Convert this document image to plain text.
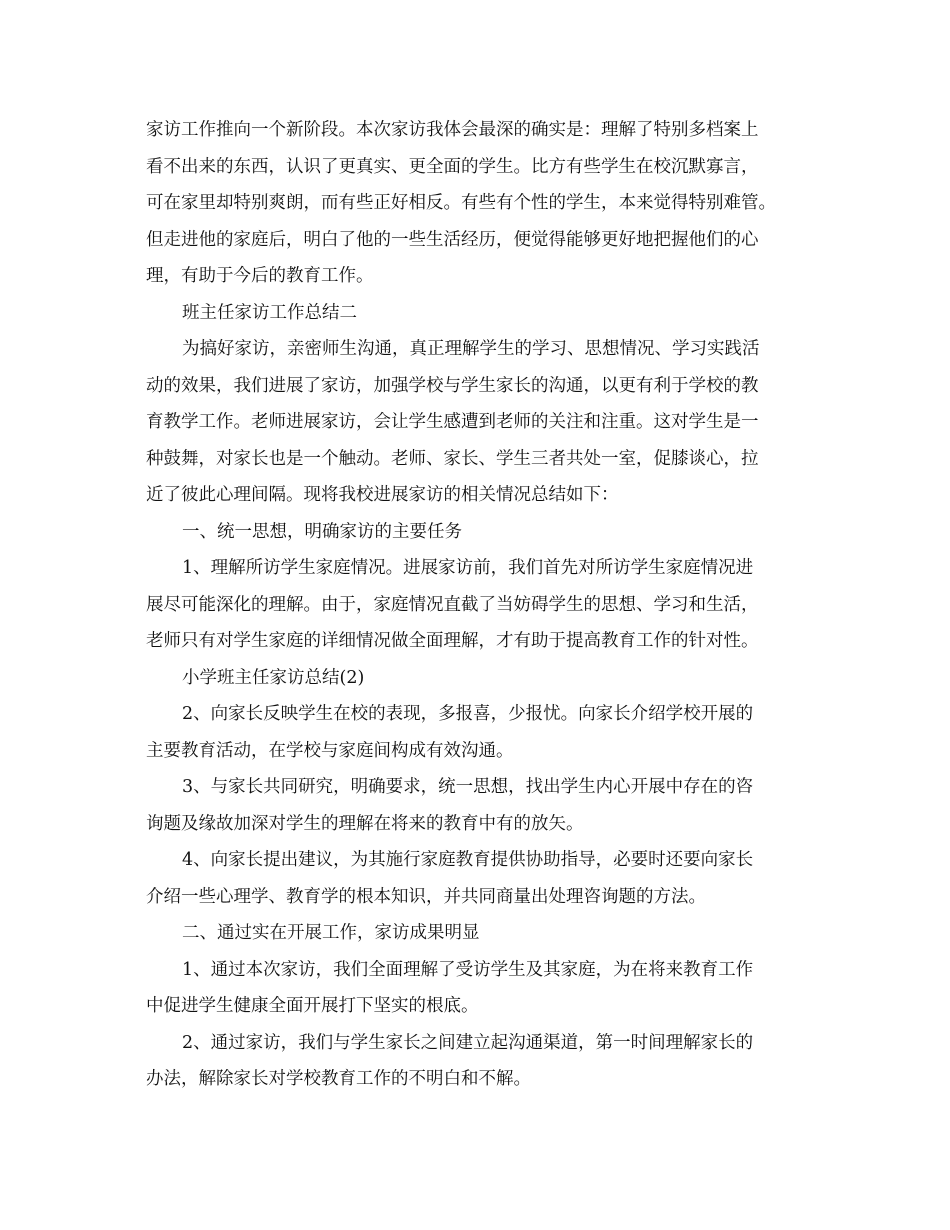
家访工作推向一个新阶段。本次家访我体会最深的确实是：理解了特别多档案上
看不出来的东西，认识了更真实、更全面的学生。比方有些学生在校沉默寡言，
可在家里却特别爽朗，而有些正好相反。有些有个性的学生，本来觉得特别难管。
但走进他的家庭后，明白了他的一些生活经历，便觉得能够更好地把握他们的心
理，有助于今后的教育工作。
班主任家访工作总结二
为搞好家访，亲密师生沟通，真正理解学生的学习、思想情况、学习实践活
动的效果，我们进展了家访，加强学校与学生家长的沟通，以更有利于学校的教
育教学工作。老师进展家访，会让学生感遭到老师的关注和注重。这对学生是一
种鼓舞，对家长也是一个触动。老师、家长、学生三者共处一室，促膝谈心，拉
近了彼此心理间隔。现将我校进展家访的相关情况总结如下：
一、统一思想，明确家访的主要任务
1、理解所访学生家庭情况。进展家访前，我们首先对所访学生家庭情况进
展尽可能深化的理解。由于，家庭情况直截了当妨碍学生的思想、学习和生活，
老师只有对学生家庭的详细情况做全面理解，才有助于提高教育工作的针对性。
小学班主任家访总结(2)
2、向家长反映学生在校的表现，多报喜，少报忧。向家长介绍学校开展的
主要教育活动，在学校与家庭间构成有效沟通。
3、与家长共同研究，明确要求，统一思想，找出学生内心开展中存在的咨
询题及缘故加深对学生的理解在将来的教育中有的放矢。
4、向家长提出建议，为其施行家庭教育提供协助指导，必要时还要向家长
介绍一些心理学、教育学的根本知识，并共同商量出处理咨询题的方法。
二、通过实在开展工作，家访成果明显
1、通过本次家访，我们全面理解了受访学生及其家庭，为在将来教育工作
中促进学生健康全面开展打下坚实的根底。
2、通过家访，我们与学生家长之间建立起沟通渠道，第一时间理解家长的
办法，解除家长对学校教育工作的不明白和不解。
